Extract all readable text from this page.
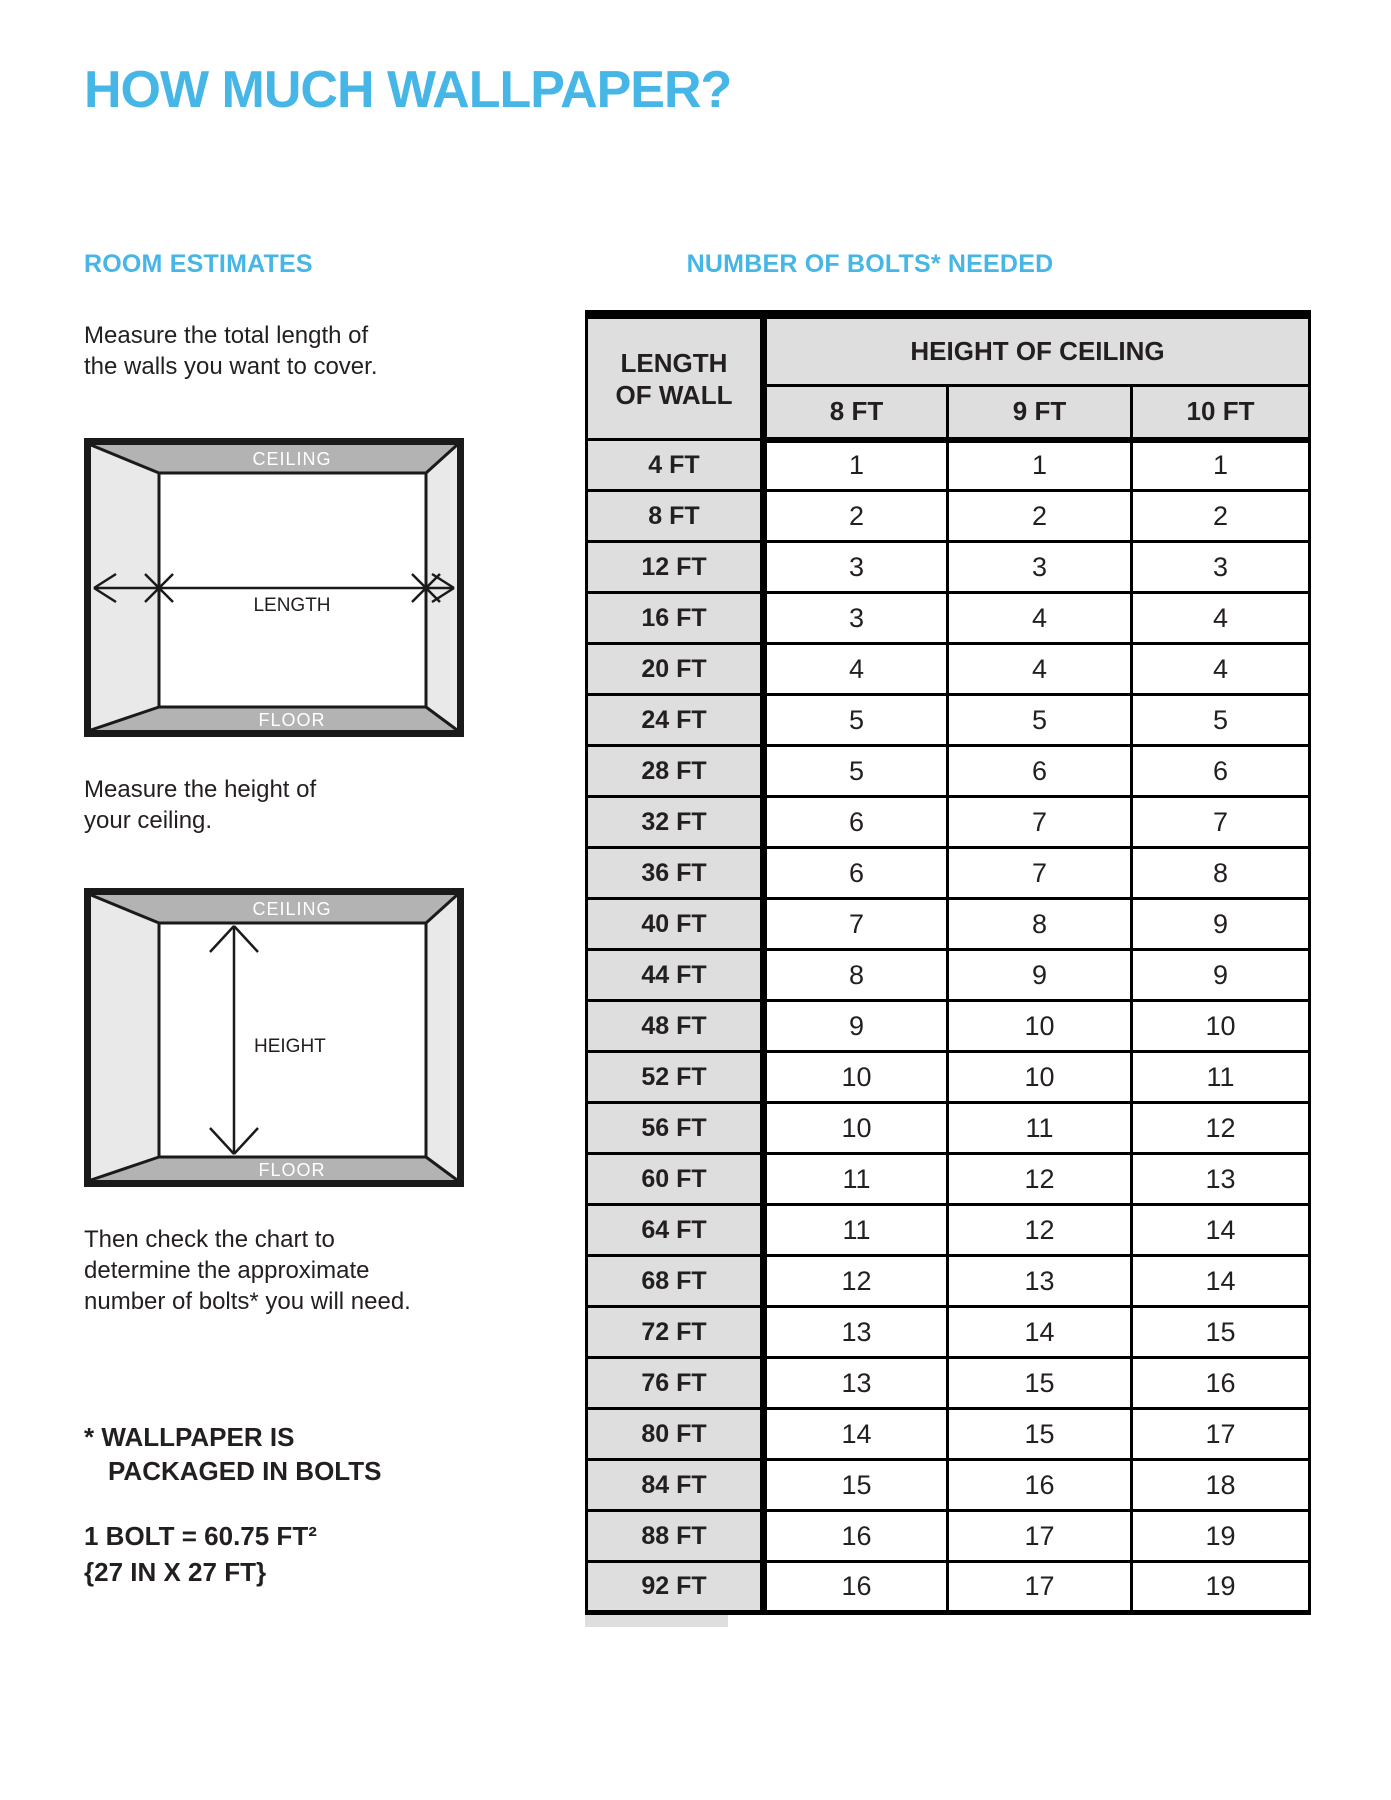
HOW MUCH WALLPAPER?
ROOM ESTIMATES

Measure the total length of
the walls you want to cover.

CEILING
FLOOR
LENGTH

Measure the height of
your ceiling.

CEILING
FLOOR
HEIGHT

Then check the chart to
determine the approximate
number of bolts* you will need.

* WALLPAPER IS
PACKAGED IN BOLTS

1 BOLT = 60.75 FT²
{27 IN X 27 FT}

NUMBER OF BOLTS* NEEDED
LENGTH
OF WALL	HEIGHT OF CEILING		
	8 FT	9 FT	10 FT
4 FT	1	1	1
8 FT	2	2	2
12 FT	3	3	3
16 FT	3	4	4
20 FT	4	4	4
24 FT	5	5	5
28 FT	5	6	6
32 FT	6	7	7
36 FT	6	7	8
40 FT	7	8	9
44 FT	8	9	9
48 FT	9	10	10
52 FT	10	10	11
56 FT	10	11	12
60 FT	11	12	13
64 FT	11	12	14
68 FT	12	13	14
72 FT	13	14	15
76 FT	13	15	16
80 FT	14	15	17
84 FT	15	16	18
88 FT	16	17	19
92 FT	16	17	19
